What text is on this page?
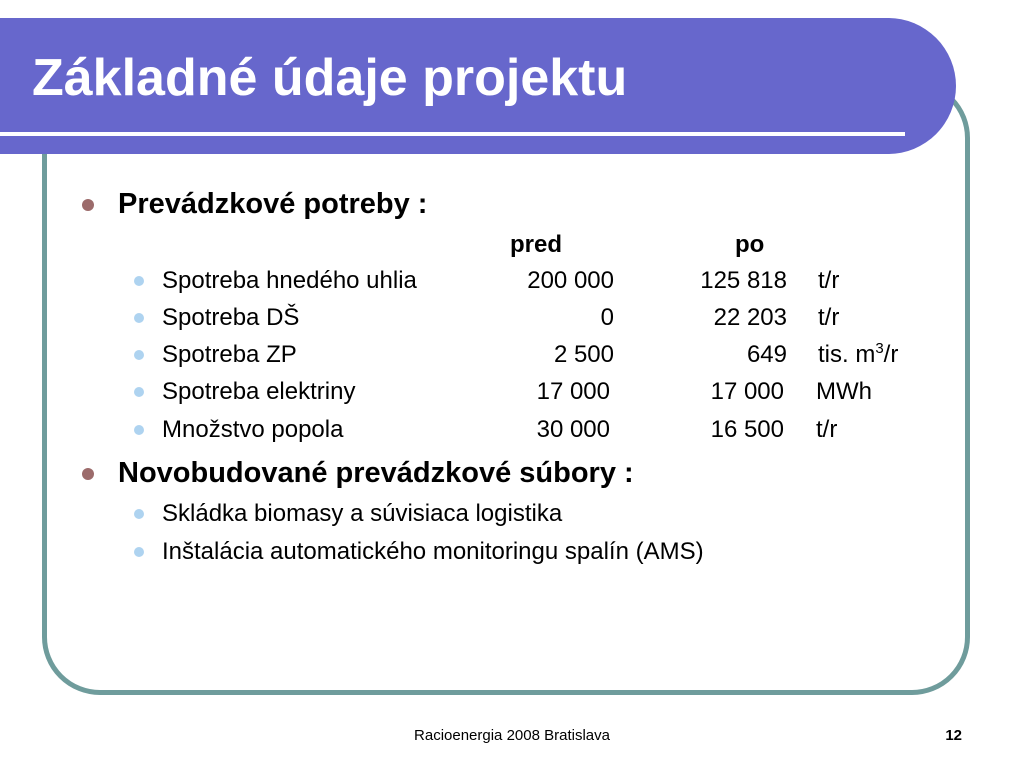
Základné údaje projektu
Prevádzkové potreby :
pred	po
Spotreba hnedého uhlia	200 000	125 818 t/r
Spotreba DŠ	0	22 203 t/r
Spotreba ZP	2 500	649 tis. $m^3/r$
Spotreba elektriny	17 000	17 000 MWh
Množstvo popola	30 000	16 500 t/r
Novobudované prevádzkové súbory :
Skládka biomasy a súvisiaca logistika
Inštalácia automatického monitoringu spalín (AMS)
Racioenergia 2008 Bratislava	12
